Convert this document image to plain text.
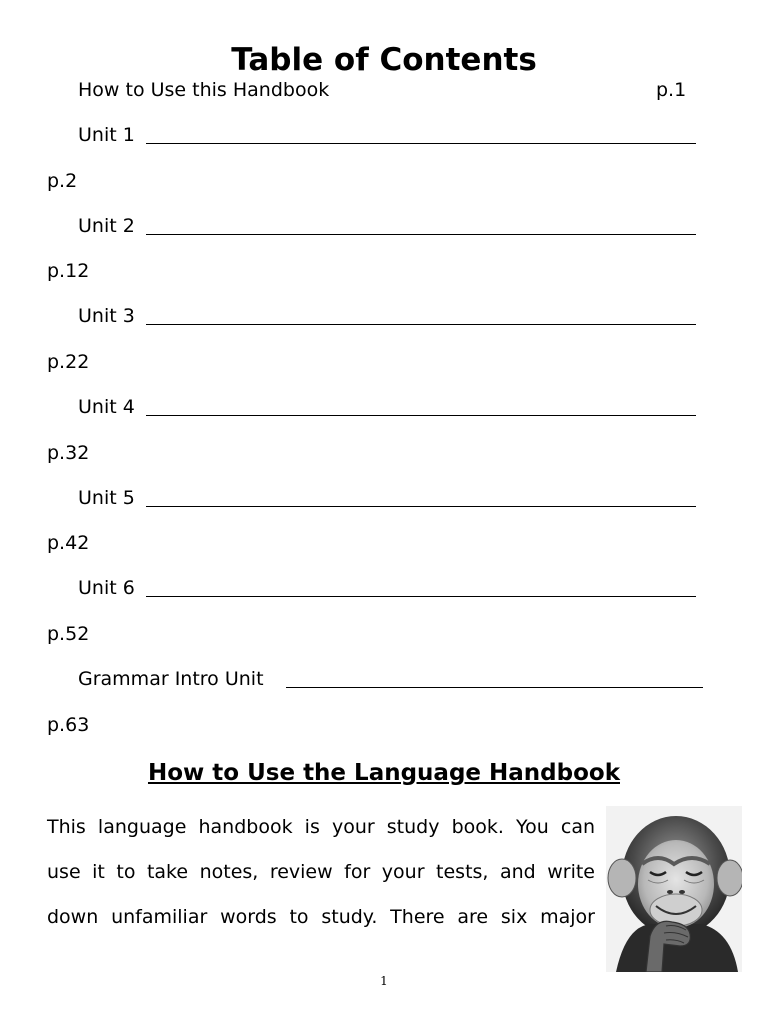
Table of Contents
How to Use this Handbook	p.1
Unit 1
p.2
Unit 2
p.12
Unit 3
p.22
Unit 4
p.32
Unit 5
p.42
Unit 6
p.52
Grammar Intro Unit
p.63
How to Use the Language Handbook
This language handbook is your study book. You can
use it to take notes, review for your tests, and write
down unfamiliar words to study. There are six major
1
